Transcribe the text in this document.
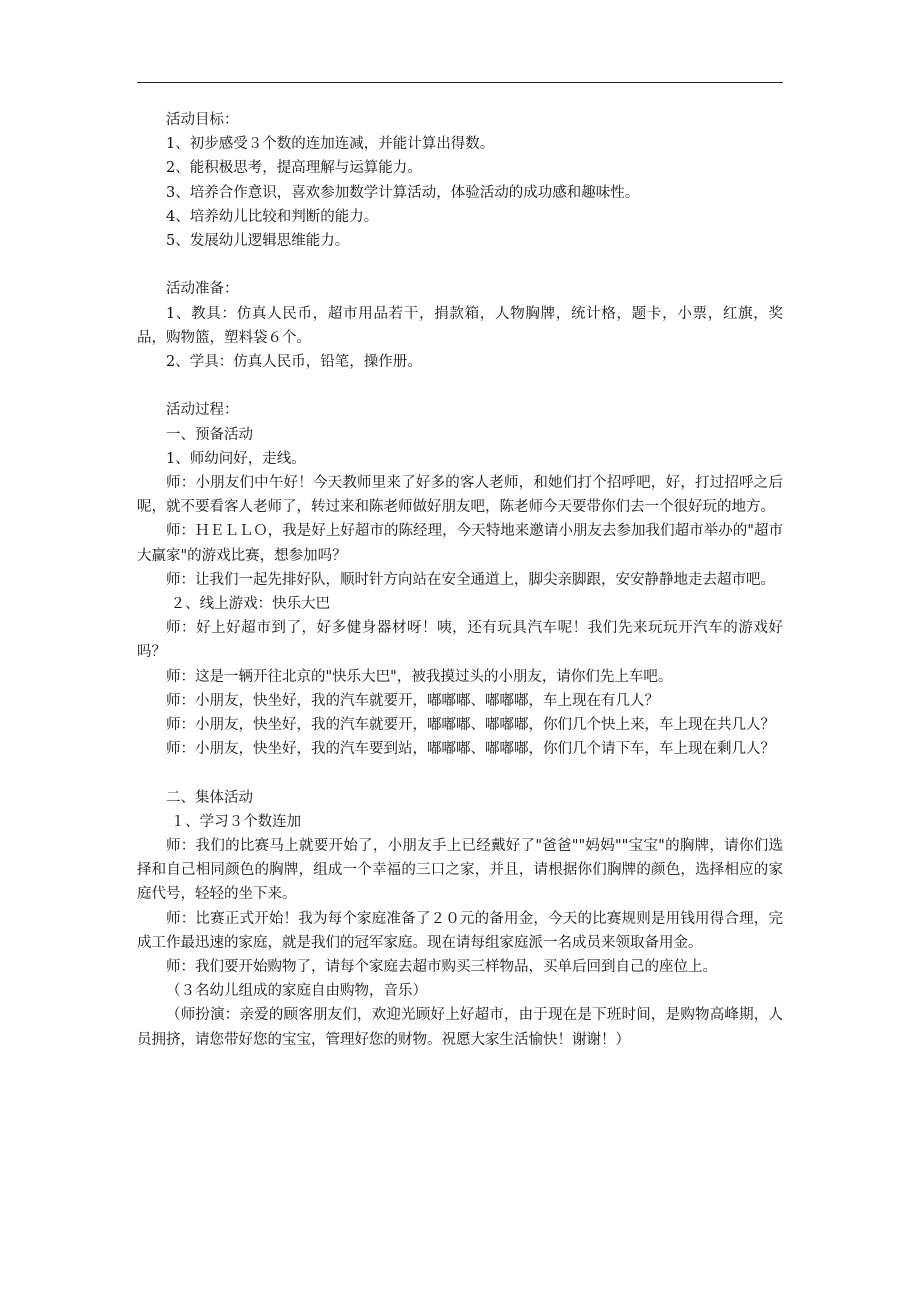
活动目标：

1、初步感受３个数的连加连减，并能计算出得数。

2、能积极思考，提高理解与运算能力。

3、培养合作意识，喜欢参加数学计算活动，体验活动的成功感和趣味性。

4、培养幼儿比较和判断的能力。

5、发展幼儿逻辑思维能力。

活动准备：

1、教具：仿真人民币，超市用品若干，捐款箱，人物胸牌，统计格，题卡，小票，红旗，奖品，购物篮，塑料袋６个。

2、学具：仿真人民币，铅笔，操作册。

活动过程：

一、预备活动

1、师幼问好，走线。

师：小朋友们中午好！今天教师里来了好多的客人老师，和她们打个招呼吧，好，打过招呼之后呢，就不要看客人老师了，转过来和陈老师做好朋友吧，陈老师今天要带你们去一个很好玩的地方。

师：ＨＥＬＬＯ，我是好上好超市的陈经理，今天特地来邀请小朋友去参加我们超市举办的"超市大赢家"的游戏比赛，想参加吗？

师：让我们一起先排好队，顺时针方向站在安全通道上，脚尖亲脚跟，安安静静地走去超市吧。

２、线上游戏：快乐大巴

师：好上好超市到了，好多健身器材呀！咦，还有玩具汽车呢！我们先来玩玩开汽车的游戏好吗？

师：这是一辆开往北京的"快乐大巴"，被我摸过头的小朋友，请你们先上车吧。

师：小朋友，快坐好，我的汽车就要开，嘟嘟嘟、嘟嘟嘟，车上现在有几人？

师：小朋友，快坐好，我的汽车就要开，嘟嘟嘟、嘟嘟嘟，你们几个快上来，车上现在共几人？

师：小朋友，快坐好，我的汽车要到站，嘟嘟嘟、嘟嘟嘟，你们几个请下车，车上现在剩几人？

二、集体活动

１、学习３个数连加

师：我们的比赛马上就要开始了，小朋友手上已经戴好了"爸爸""妈妈""宝宝"的胸牌，请你们选择和自己相同颜色的胸牌，组成一个幸福的三口之家，并且，请根据你们胸牌的颜色，选择相应的家庭代号，轻轻的坐下来。

师：比赛正式开始！我为每个家庭准备了２０元的备用金，今天的比赛规则是用钱用得合理，完成工作最迅速的家庭，就是我们的冠军家庭。现在请每组家庭派一名成员来领取备用金。

师：我们要开始购物了，请每个家庭去超市购买三样物品，买单后回到自己的座位上。

（３名幼儿组成的家庭自由购物，音乐）

（师扮演：亲爱的顾客朋友们，欢迎光顾好上好超市，由于现在是下班时间，是购物高峰期，人员拥挤，请您带好您的宝宝，管理好您的财物。祝愿大家生活愉快！谢谢！）
